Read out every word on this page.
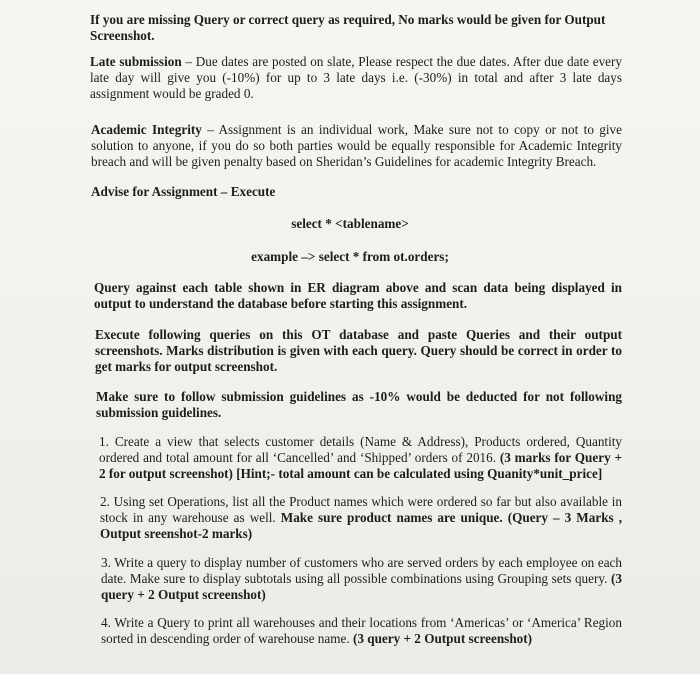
If you are missing Query or correct query as required, No marks would be given for Output Screenshot.

Late submission – Due dates are posted on slate, Please respect the due dates. After due date every late day will give you (-10%) for up to 3 late days i.e. (-30%) in total and after 3 late days assignment would be graded 0.

Academic Integrity – Assignment is an individual work, Make sure not to copy or not to give solution to anyone, if you do so both parties would be equally responsible for Academic Integrity breach and will be given penalty based on Sheridan’s Guidelines for academic Integrity Breach.

Advise for Assignment – Execute

select * <tablename>

example –> select * from ot.orders;

Query against each table shown in ER diagram above and scan data being displayed in output to understand the database before starting this assignment.

Execute following queries on this OT database and paste Queries and their output screenshots. Marks distribution is given with each query. Query should be correct in order to get marks for output screenshot.

Make sure to follow submission guidelines as -10% would be deducted for not following submission guidelines.

1. Create a view that selects customer details (Name & Address), Products ordered, Quantity ordered and total amount for all ‘Cancelled’ and ‘Shipped’ orders of 2016. (3 marks for Query + 2 for output screenshot) [Hint;- total amount can be calculated using Quanity*unit_price]

2. Using set Operations, list all the Product names which were ordered so far but also available in stock in any warehouse as well. Make sure product names are unique. (Query – 3 Marks , Output sreenshot-2 marks)

3. Write a query to display number of customers who are served orders by each employee on each date. Make sure to display subtotals using all possible combinations using Grouping sets query. (3 query + 2 Output screenshot)

4. Write a Query to print all warehouses and their locations from ‘Americas’ or ‘America’ Region sorted in descending order of warehouse name. (3 query + 2 Output screenshot)
